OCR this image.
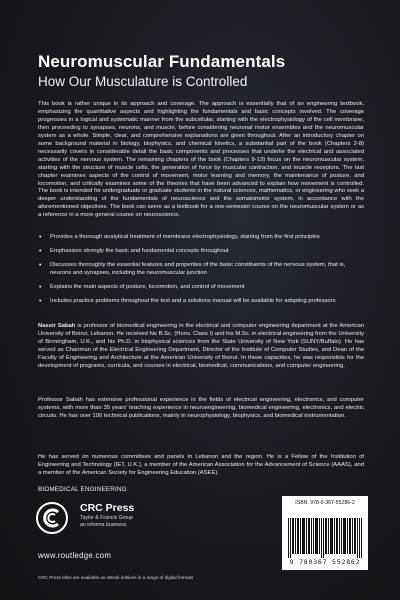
Neuromuscular Fundamentals
How Our Musculature is Controlled

This book is rather unique in its approach and coverage. The approach is essentially that of an engineering textbook, emphasizing the quantitative aspects and highlighting the fundamentals and basic concepts involved. The coverage progresses in a logical and systematic manner from the subcellular, starting with the electrophysiology of the cell membrane, then proceeding to synapses, neurons, and muscle, before considering neuronal motor ensembles and the neuromuscular system as a whole. Simple, clear, and comprehensive explanations are given throughout. After an introductory chapter on some background material in biology, biophysics, and chemical kinetics, a substantial part of the book (Chapters 2-8) necessarily covers in considerable detail the basic components and processes that underlie the electrical and associated activities of the nervous system. The remaining chapters of the book (Chapters 9-13) focus on the neuromuscular system, starting with the structure of muscle cells, the generation of force by muscular contraction, and muscle receptors. The last chapter examines aspects of the control of movement, motor learning and memory, the maintenance of posture, and locomotion, and critically examines some of the theories that have been advanced to explain how movement is controlled. The book is intended for undergraduate or graduate students in the natural sciences, mathematics, or engineering who seek a deeper understanding of the fundamentals of neuroscience and the somatomotor system, in accordance with the aforementioned objectives. The book can serve as a textbook for a one-semester course on the neuromuscular system or as a reference in a more general course on neuroscience.

• Provides a thorough analytical treatment of membrane electrophysiology, starting from the first principles
• Emphasizes strongly the basic and fundamental concepts throughout
• Discusses thoroughly the essential features and properties of the basic constituents of the nervous system, that is, neurons and synapses, including the neuromuscular junction
• Explains the main aspects of posture, locomotion, and control of movement
• Includes practice problems throughout the text and a solutions manual will be available for adopting professors

Nassir Sabah is professor of biomedical engineering in the electrical and computer engineering department at the American University of Beirut, Lebanon. He received his B.Sc. (Hons. Class I) and his M.Sc. in electrical engineering from the University of Birmingham, U.K., and his Ph.D. in biophysical sciences from the State University of New York (SUNY/Buffalo). He has served as Chairman of the Electrical Engineering Department, Director of the Institute of Computer Studies, and Dean of the Faculty of Engineering and Architecture at the American University of Beirut. In these capacities, he was responsible for the development of programs, curricula, and courses in electrical, biomedical, communications, and computer engineering.

Professor Sabah has extensive professional experience in the fields of electrical engineering, electronics, and computer systems, with more than 35 years' teaching experience in neuroengineering, biomedical engineering, electronics, and electric circuits. He has over 100 technical publications, mainly in neurophysiology, biophysics, and biomedical instrumentation.

He has served on numerous committees and panels in Lebanon and the region. He is a Fellow of the Institution of Engineering and Technology (IET, U.K.), a member of the American Association for the Advancement of Science (AAAS), and a member of the American Society for Engineering Education (ASEE).

BIOMEDICAL ENGINEERING
CRC Press
Taylor & Francis Group
an informa business
www.routledge.com
CRC Press titles are available as eBook editions in a range of digital formats
ISBN: 978-0-367-55286-2
9 780367 552862
